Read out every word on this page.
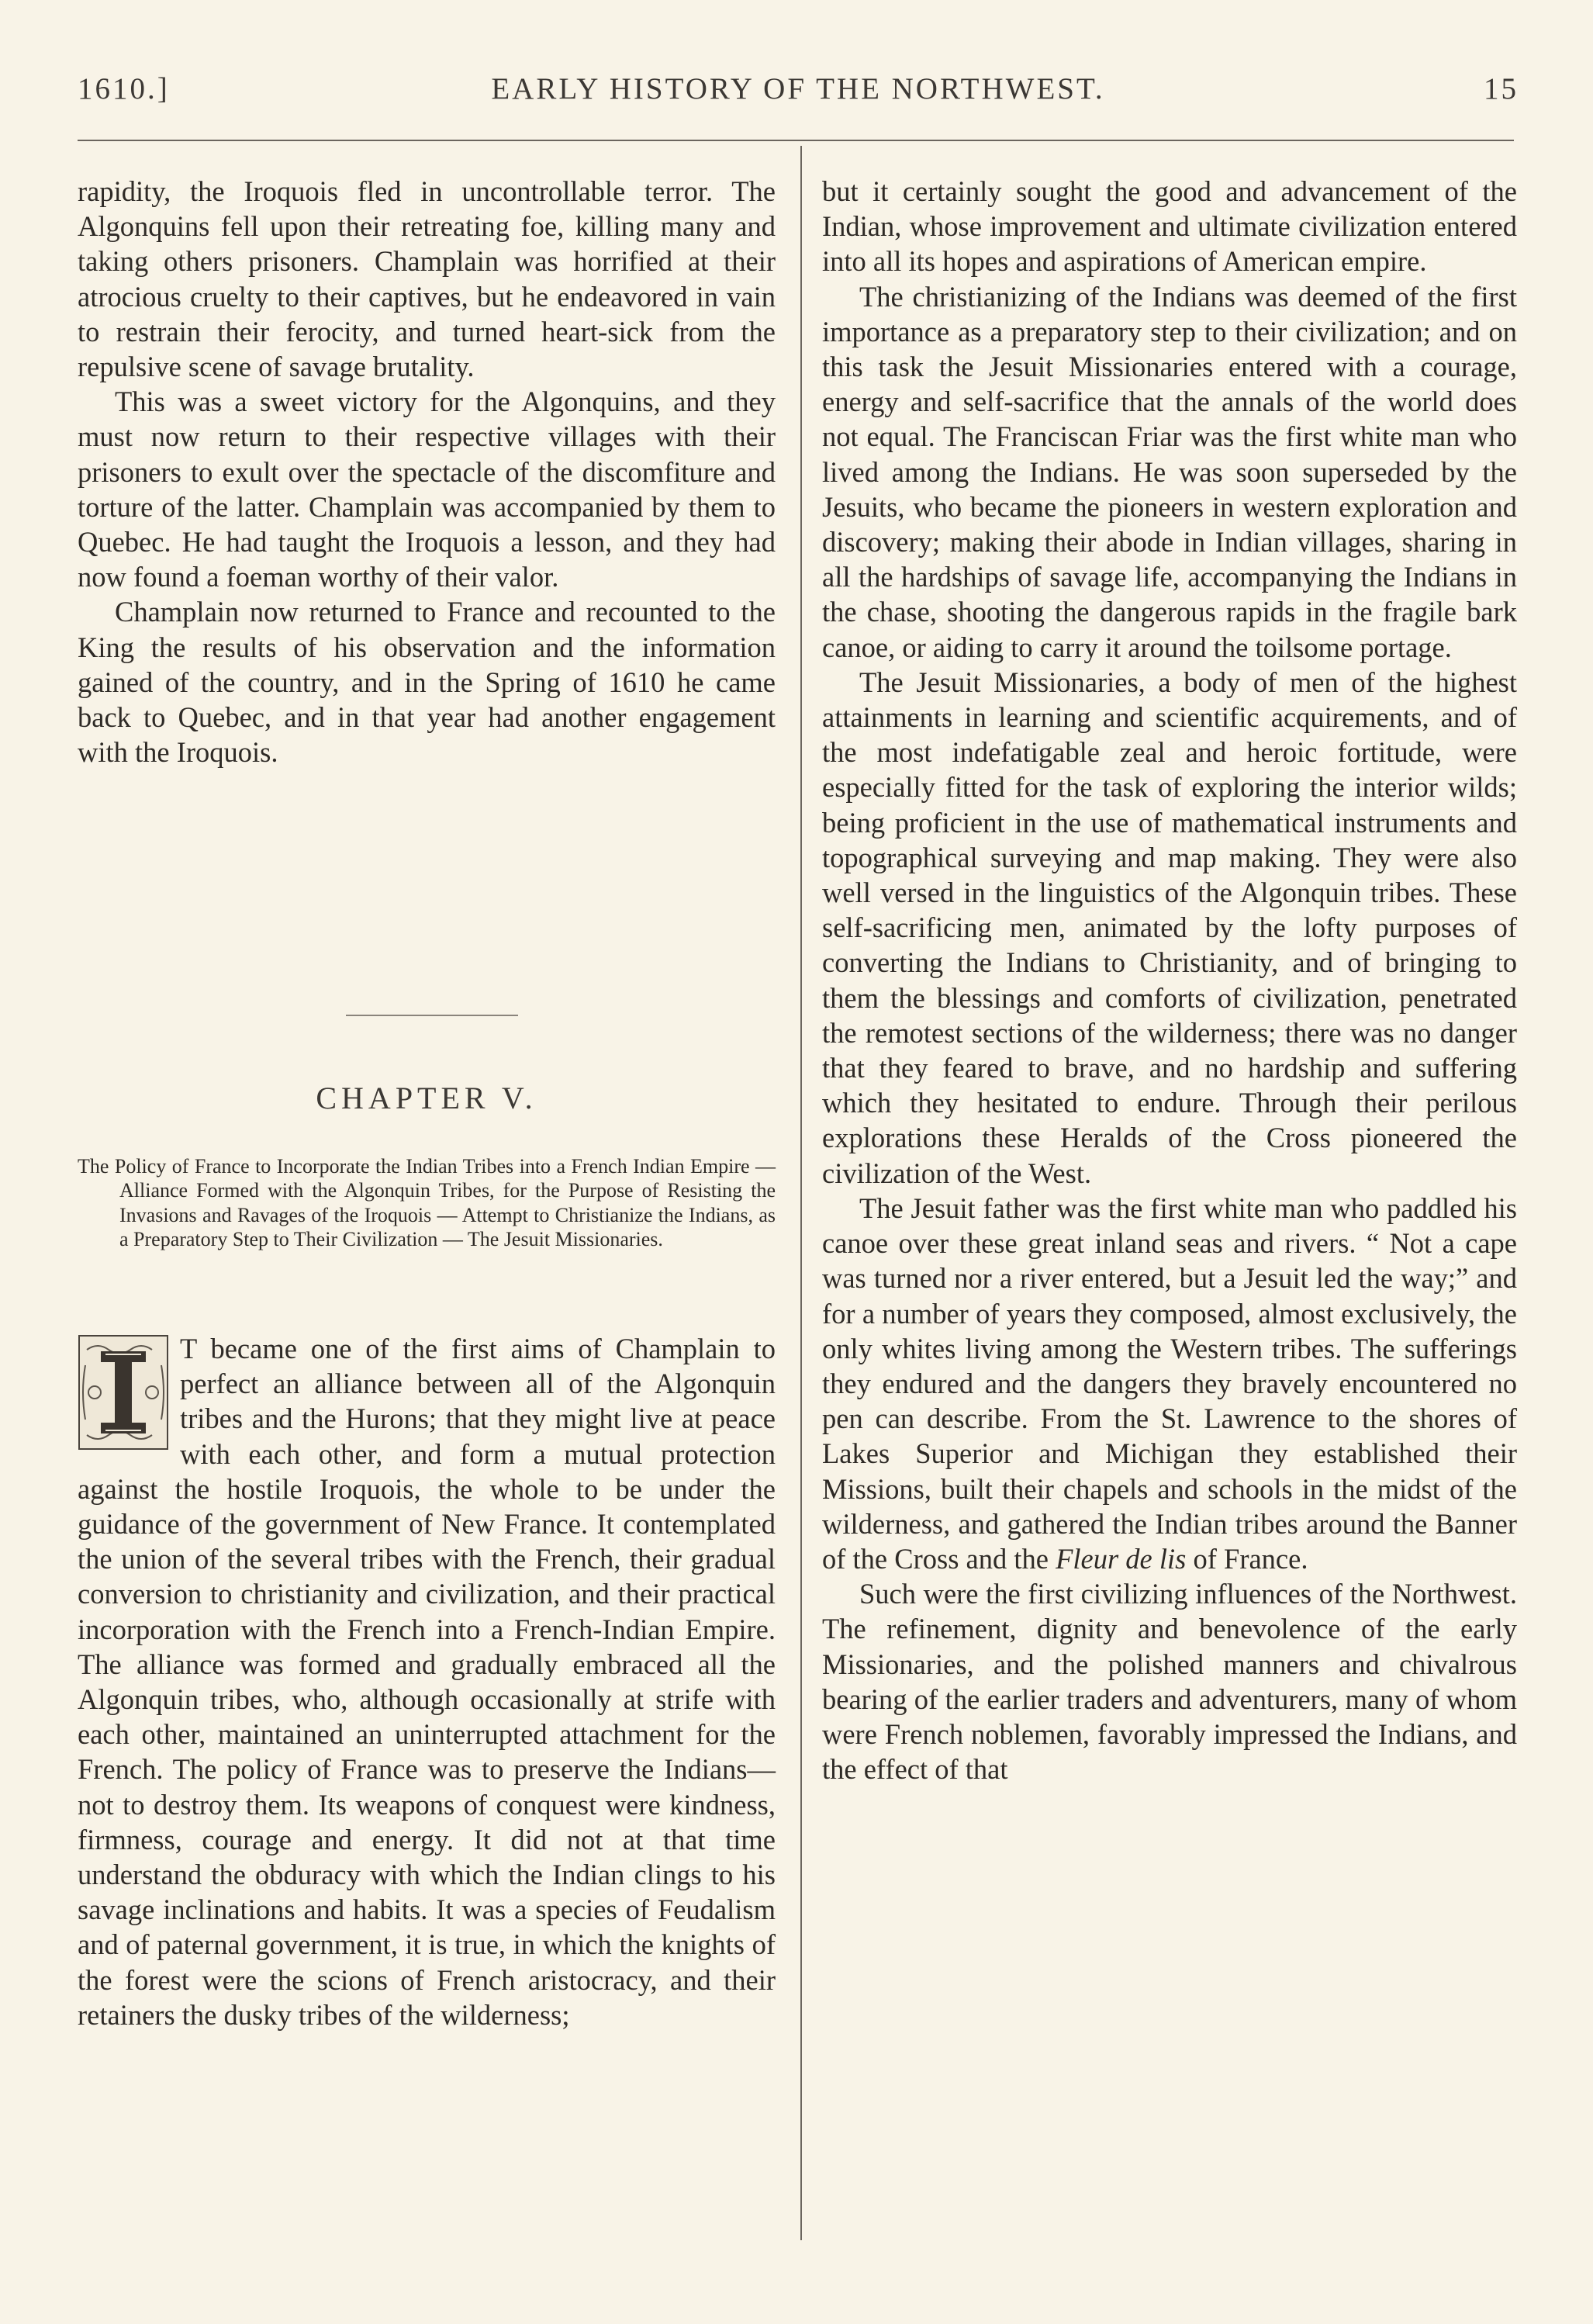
1610.]	EARLY HISTORY OF THE NORTHWEST.	15

rapidity, the Iroquois fled in uncontrollable terror. The Algonquins fell upon their retreating foe, killing many and taking others prisoners. Champlain was horrified at their atrocious cruelty to their captives, but he endeavored in vain to restrain their ferocity, and turned heart-sick from the repulsive scene of savage brutality.

This was a sweet victory for the Algonquins, and they must now return to their respective villages with their prisoners to exult over the spectacle of the discomfiture and torture of the latter. Champlain was accompanied by them to Quebec. He had taught the Iroquois a lesson, and they had now found a foeman worthy of their valor.

Champlain now returned to France and recounted to the King the results of his observation and the information gained of the country, and in the Spring of 1610 he came back to Quebec, and in that year had another engagement with the Iroquois.

CHAPTER V.

The Policy of France to Incorporate the Indian Tribes into a French Indian Empire — Alliance Formed with the Algonquin Tribes, for the Purpose of Resisting the Invasions and Ravages of the Iroquois — Attempt to Christianize the Indians, as a Preparatory Step to Their Civilization — The Jesuit Missionaries.

T became one of the first aims of Champlain to perfect an alliance between all of the Algonquin tribes and the Hurons; that they might live at peace with each other, and form a mutual protection against the hostile Iroquois, the whole to be under the guidance of the government of New France. It contemplated the union of the several tribes with the French, their gradual conversion to christianity and civilization, and their practical incorporation with the French into a French-Indian Empire. The alliance was formed and gradually embraced all the Algonquin tribes, who, although occasionally at strife with each other, maintained an uninterrupted attachment for the French. The policy of France was to preserve the Indians—not to destroy them. Its weapons of conquest were kindness, firmness, courage and energy. It did not at that time understand the obduracy with which the Indian clings to his savage inclinations and habits. It was a species of Feudalism and of paternal government, it is true, in which the knights of the forest were the scions of French aristocracy, and their retainers the dusky tribes of the wilderness;

but it certainly sought the good and advancement of the Indian, whose improvement and ultimate civilization entered into all its hopes and aspirations of American empire.

The christianizing of the Indians was deemed of the first importance as a preparatory step to their civilization; and on this task the Jesuit Missionaries entered with a courage, energy and self-sacrifice that the annals of the world does not equal. The Franciscan Friar was the first white man who lived among the Indians. He was soon superseded by the Jesuits, who became the pioneers in western exploration and discovery; making their abode in Indian villages, sharing in all the hardships of savage life, accompanying the Indians in the chase, shooting the dangerous rapids in the fragile bark canoe, or aiding to carry it around the toilsome portage.

The Jesuit Missionaries, a body of men of the highest attainments in learning and scientific acquirements, and of the most indefatigable zeal and heroic fortitude, were especially fitted for the task of exploring the interior wilds; being proficient in the use of mathematical instruments and topographical surveying and map making. They were also well versed in the linguistics of the Algonquin tribes. These self-sacrificing men, animated by the lofty purposes of converting the Indians to Christianity, and of bringing to them the blessings and comforts of civilization, penetrated the remotest sections of the wilderness; there was no danger that they feared to brave, and no hardship and suffering which they hesitated to endure. Through their perilous explorations these Heralds of the Cross pioneered the civilization of the West.

The Jesuit father was the first white man who paddled his canoe over these great inland seas and rivers. “ Not a cape was turned nor a river entered, but a Jesuit led the way;” and for a number of years they composed, almost exclusively, the only whites living among the Western tribes. The sufferings they endured and the dangers they bravely encountered no pen can describe. From the St. Lawrence to the shores of Lakes Superior and Michigan they established their Missions, built their chapels and schools in the midst of the wilderness, and gathered the Indian tribes around the Banner of the Cross and the Fleur de lis of France.

Such were the first civilizing influences of the Northwest. The refinement, dignity and benevolence of the early Missionaries, and the polished manners and chivalrous bearing of the earlier traders and adventurers, many of whom were French noblemen, favorably impressed the Indians, and the effect of that
